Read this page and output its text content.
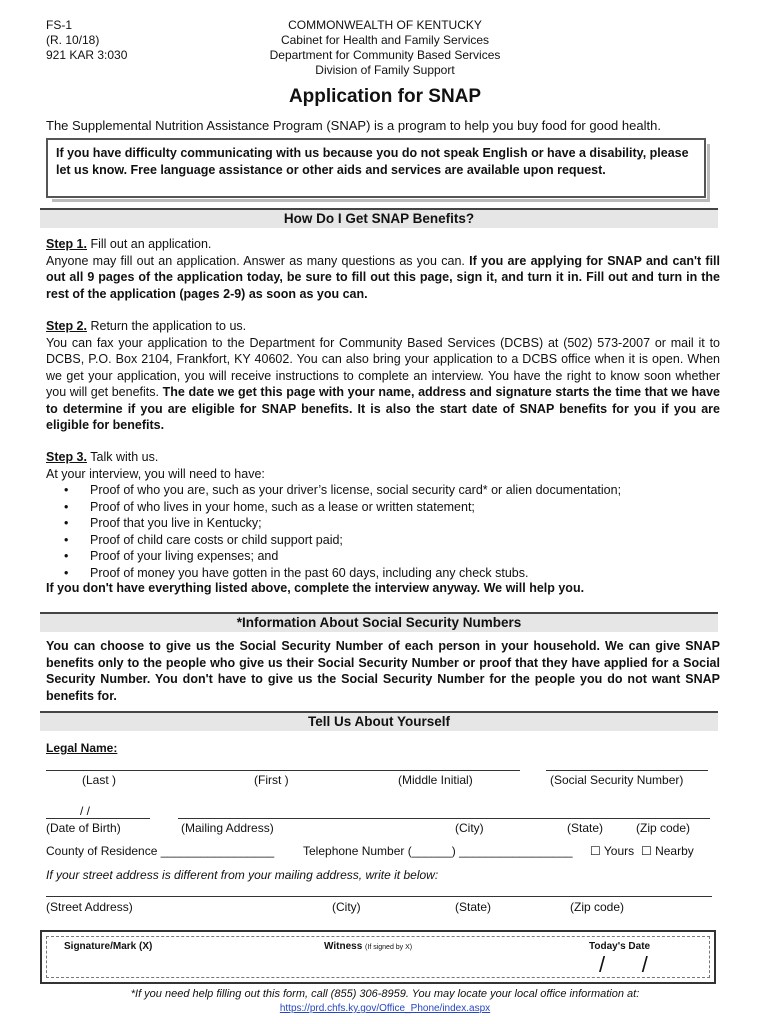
FS-1
(R. 10/18)
921 KAR 3:030
COMMONWEALTH OF KENTUCKY
Cabinet for Health and Family Services
Department for Community Based Services
Division of Family Support
Application for SNAP
The Supplemental Nutrition Assistance Program (SNAP) is a program to help you buy food for good health.
If you have difficulty communicating with us because you do not speak English or have a disability, please let us know. Free language assistance or other aids and services are available upon request.
How Do I Get SNAP Benefits?
Step 1. Fill out an application.
Anyone may fill out an application. Answer as many questions as you can. If you are applying for SNAP and can't fill out all 9 pages of the application today, be sure to fill out this page, sign it, and turn it in. Fill out and turn in the rest of the application (pages 2-9) as soon as you can.
Step 2. Return the application to us.
You can fax your application to the Department for Community Based Services (DCBS) at (502) 573-2007 or mail it to DCBS, P.O. Box 2104, Frankfort, KY 40602. You can also bring your application to a DCBS office when it is open. When we get your application, you will receive instructions to complete an interview. You have the right to know soon whether you will get benefits. The date we get this page with your name, address and signature starts the time that we have to determine if you are eligible for SNAP benefits. It is also the start date of SNAP benefits for you if you are eligible for benefits.
Step 3. Talk with us.
At your interview, you will need to have:
• Proof of who you are, such as your driver’s license, social security card* or alien documentation;
• Proof of who lives in your home, such as a lease or written statement;
• Proof that you live in Kentucky;
• Proof of child care costs or child support paid;
• Proof of your living expenses; and
• Proof of money you have gotten in the past 60 days, including any check stubs.
If you don't have everything listed above, complete the interview anyway. We will help you.
*Information About Social Security Numbers
You can choose to give us the Social Security Number of each person in your household. We can give SNAP benefits only to the people who give us their Social Security Number or proof that they have applied for a Social Security Number. You don't have to give us the Social Security Number for the people you do not want SNAP benefits for.
Tell Us About Yourself
Legal Name:
(Last )	(First )	(Middle Initial)	(Social Security Number)
/ /
(Date of Birth)	(Mailing Address)	(City)	(State)	(Zip code)
County of Residence _________________ Telephone Number (______) _________________ ☐ Yours ☐ Nearby
If your street address is different from your mailing address, write it below:
(Street Address)	(City)	(State)	(Zip code)
Signature/Mark (X)	Witness (If signed by X)	Today's Date
/      /
*If you need help filling out this form, call (855) 306-8959. You may locate your local office information at:
https://prd.chfs.ky.gov/Office_Phone/index.aspx
